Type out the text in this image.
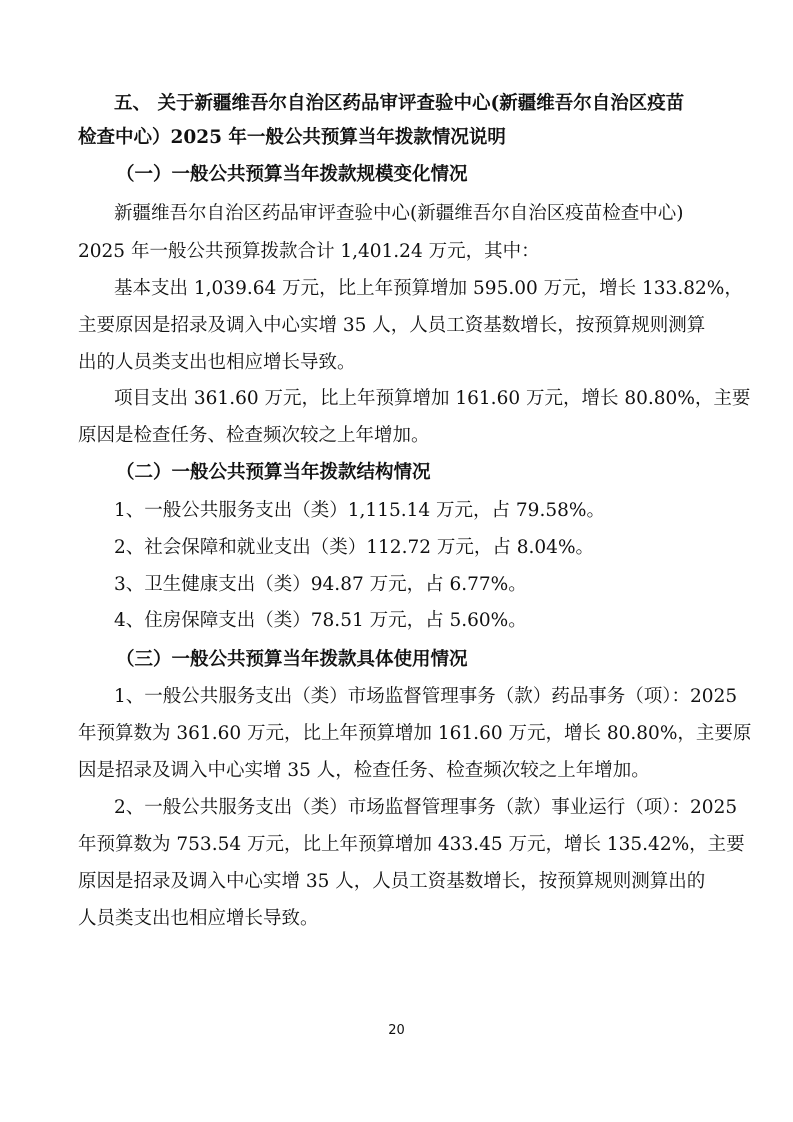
五、 关于新疆维吾尔自治区药品审评查验中心(新疆维吾尔自治区疫苗
检查中心）2025 年一般公共预算当年拨款情况说明
（一）一般公共预算当年拨款规模变化情况
新疆维吾尔自治区药品审评查验中心(新疆维吾尔自治区疫苗检查中心)
2025 年一般公共预算拨款合计 1,401.24 万元，其中：
基本支出 1,039.64 万元，比上年预算增加 595.00 万元，增长 133.82%，
主要原因是招录及调入中心实增 35 人，人员工资基数增长，按预算规则测算
出的人员类支出也相应增长导致。
项目支出 361.60 万元，比上年预算增加 161.60 万元，增长 80.80%，主要
原因是检查任务、检查频次较之上年增加。
（二）一般公共预算当年拨款结构情况
1、一般公共服务支出（类）1,115.14 万元，占 79.58%。
2、社会保障和就业支出（类）112.72 万元，占 8.04%。
3、卫生健康支出（类）94.87 万元，占 6.77%。
4、住房保障支出（类）78.51 万元，占 5.60%。
（三）一般公共预算当年拨款具体使用情况
1、一般公共服务支出（类）市场监督管理事务（款）药品事务（项）：2025
年预算数为 361.60 万元，比上年预算增加 161.60 万元，增长 80.80%，主要原
因是招录及调入中心实增 35 人，检查任务、检查频次较之上年增加。
2、一般公共服务支出（类）市场监督管理事务（款）事业运行（项）：2025
年预算数为 753.54 万元，比上年预算增加 433.45 万元，增长 135.42%，主要
原因是招录及调入中心实增 35 人，人员工资基数增长，按预算规则测算出的
人员类支出也相应增长导致。
20
